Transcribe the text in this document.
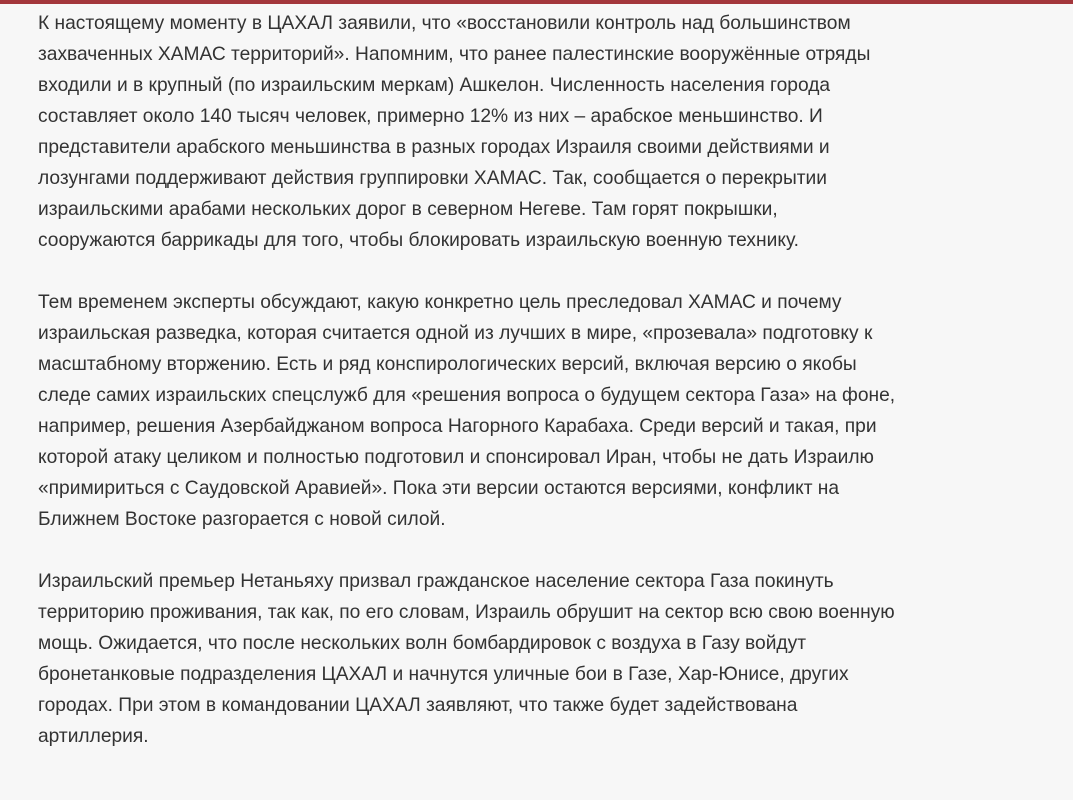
К настоящему моменту в ЦАХАЛ заявили, что «восстановили контроль над большинством
захваченных ХАМАС территорий». Напомним, что ранее палестинские вооружённые отряды
входили и в крупный (по израильским меркам) Ашкелон. Численность населения города
составляет около 140 тысяч человек, примерно 12% из них – арабское меньшинство. И
представители арабского меньшинства в разных городах Израиля своими действиями и
лозунгами поддерживают действия группировки ХАМАС. Так, сообщается о перекрытии
израильскими арабами нескольких дорог в северном Негеве. Там горят покрышки,
сооружаются баррикады для того, чтобы блокировать израильскую военную технику.

Тем временем эксперты обсуждают, какую конкретно цель преследовал ХАМАС и почему
израильская разведка, которая считается одной из лучших в мире, «прозевала» подготовку к
масштабному вторжению. Есть и ряд конспирологических версий, включая версию о якобы
следе самих израильских спецслужб для «решения вопроса о будущем сектора Газа» на фоне,
например, решения Азербайджаном вопроса Нагорного Карабаха. Среди версий и такая, при
которой атаку целиком и полностью подготовил и спонсировал Иран, чтобы не дать Израилю
«примириться с Саудовской Аравией». Пока эти версии остаются версиями, конфликт на
Ближнем Востоке разгорается с новой силой.

Израильский премьер Нетаньяху призвал гражданское население сектора Газа покинуть
территорию проживания, так как, по его словам, Израиль обрушит на сектор всю свою военную
мощь. Ожидается, что после нескольких волн бомбардировок с воздуха в Газу войдут
бронетанковые подразделения ЦАХАЛ и начнутся уличные бои в Газе, Хар-Юнисе, других
городах. При этом в командовании ЦАХАЛ заявляют, что также будет задействована
артиллерия.
